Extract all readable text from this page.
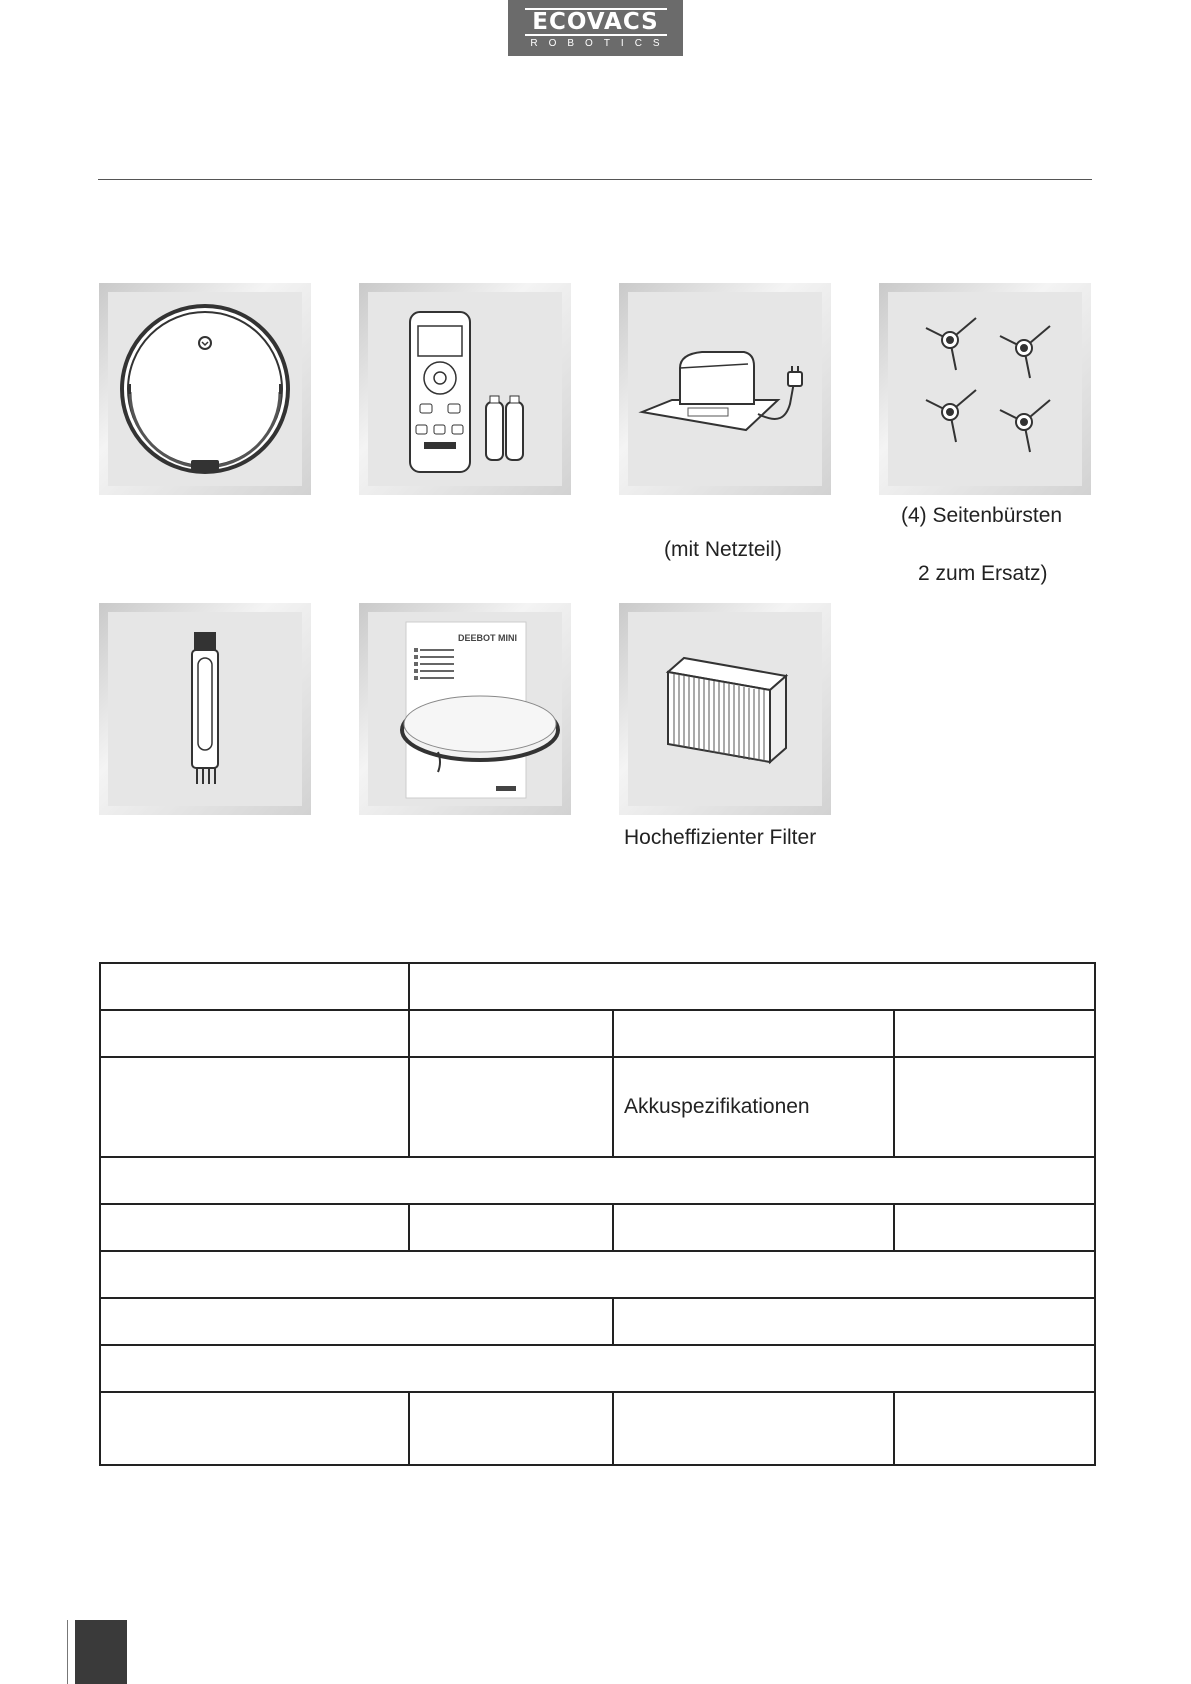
ECOVACS
ROBOTICS
(mit Netzteil)
(4) Seitenbürsten
2 zum Ersatz)
DEEBOT MINI
Hocheffizienter Filter

		Akkuspezifikationen	
